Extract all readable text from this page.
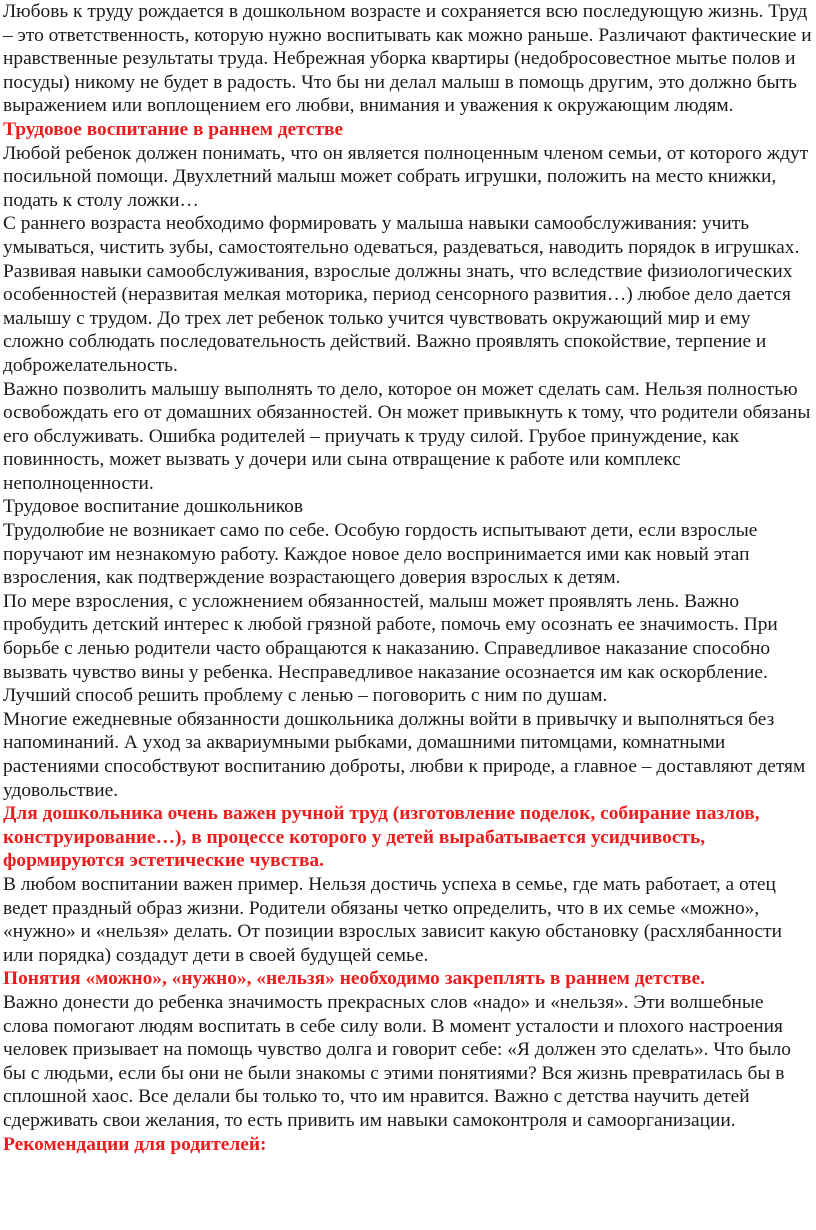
Любовь к труду рождается в дошкольном возрасте и сохраняется всю последующую жизнь. Труд – это ответственность, которую нужно воспитывать как можно раньше. Различают фактические и нравственные результаты труда. Небрежная уборка квартиры (недобросовестное мытье полов и посуды) никому не будет в радость. Что бы ни делал малыш в помощь другим, это должно быть выражением или воплощением его любви, внимания и уважения к окружающим людям.

Трудовое воспитание в раннем детстве

Любой ребенок должен понимать, что он является полноценным членом семьи, от которого ждут посильной помощи. Двухлетний малыш может собрать игрушки, положить на место книжки, подать к столу ложки…

С раннего возраста необходимо формировать у малыша навыки самообслуживания: учить умываться, чистить зубы, самостоятельно одеваться, раздеваться, наводить порядок в игрушках. Развивая навыки самообслуживания, взрослые должны знать, что вследствие физиологических особенностей (неразвитая мелкая моторика, период сенсорного развития…) любое дело дается малышу с трудом. До трех лет ребенок только учится чувствовать окружающий мир и ему сложно соблюдать последовательность действий. Важно проявлять спокойствие, терпение и доброжелательность.

Важно позволить малышу выполнять то дело, которое он может сделать сам. Нельзя полностью освобождать его от домашних обязанностей. Он может привыкнуть к тому, что родители обязаны его обслуживать. Ошибка родителей – приучать к труду силой. Грубое принуждение, как повинность, может вызвать у дочери или сына отвращение к работе или комплекс неполноценности.

Трудовое воспитание дошкольников

Трудолюбие не возникает само по себе. Особую гордость испытывают дети, если взрослые поручают им незнакомую работу. Каждое новое дело воспринимается ими как новый этап взросления, как подтверждение возрастающего доверия взрослых к детям.

По мере взросления, с усложнением обязанностей, малыш может проявлять лень. Важно пробудить детский интерес к любой грязной работе, помочь ему осознать ее значимость. При борьбе с ленью родители часто обращаются к наказанию. Справедливое наказание способно вызвать чувство вины у ребенка. Несправедливое наказание осознается им как оскорбление. Лучший способ решить проблему с ленью – поговорить с ним по душам.

Многие ежедневные обязанности дошкольника должны войти в привычку и выполняться без напоминаний. А уход за аквариумными рыбками, домашними питомцами, комнатными растениями способствуют воспитанию доброты, любви к природе, а главное – доставляют детям удовольствие.

Для дошкольника очень важен ручной труд (изготовление поделок, собирание пазлов, конструирование…), в процессе которого у детей вырабатывается усидчивость, формируются эстетические чувства.

В любом воспитании важен пример. Нельзя достичь успеха в семье, где мать работает, а отец ведет праздный образ жизни. Родители обязаны четко определить, что в их семье «можно», «нужно» и «нельзя» делать. От позиции взрослых зависит какую обстановку (расхлябанности или порядка) создадут дети в своей будущей семье.

Понятия «можно», «нужно», «нельзя» необходимо закреплять в раннем детстве.

Важно донести до ребенка значимость прекрасных слов «надо» и «нельзя». Эти волшебные слова помогают людям воспитать в себе силу воли. В момент усталости и плохого настроения человек призывает на помощь чувство долга и говорит себе: «Я должен это сделать». Что было бы с людьми, если бы они не были знакомы с этими понятиями? Вся жизнь превратилась бы в сплошной хаос. Все делали бы только то, что им нравится. Важно с детства научить детей сдерживать свои желания, то есть привить им навыки самоконтроля и самоорганизации.

Рекомендации для родителей:
